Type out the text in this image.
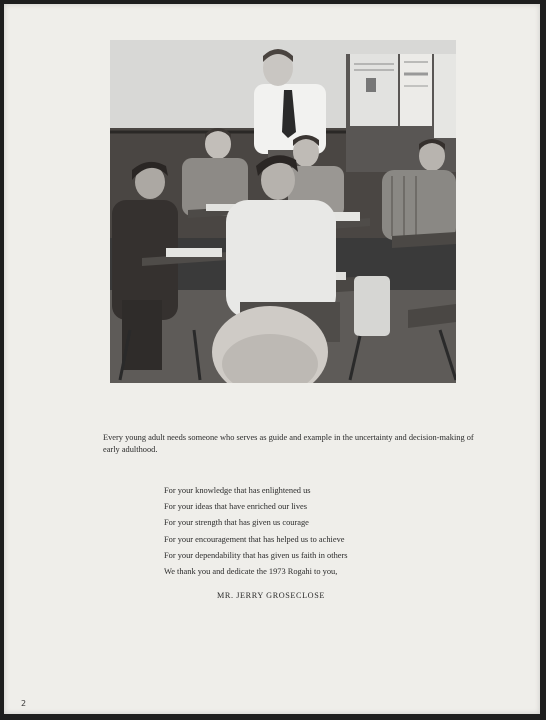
Every young adult needs someone who serves as guide and example in the uncertainty and decision-making of early adulthood.

For your knowledge that has enlightened us
For your ideas that have enriched our lives
For your strength that has given us courage
For your encouragement that has helped us to achieve
For your dependability that has given us faith in others
We thank you and dedicate the 1973 Rogahi to you,
MR. JERRY GROSECLOSE
2
